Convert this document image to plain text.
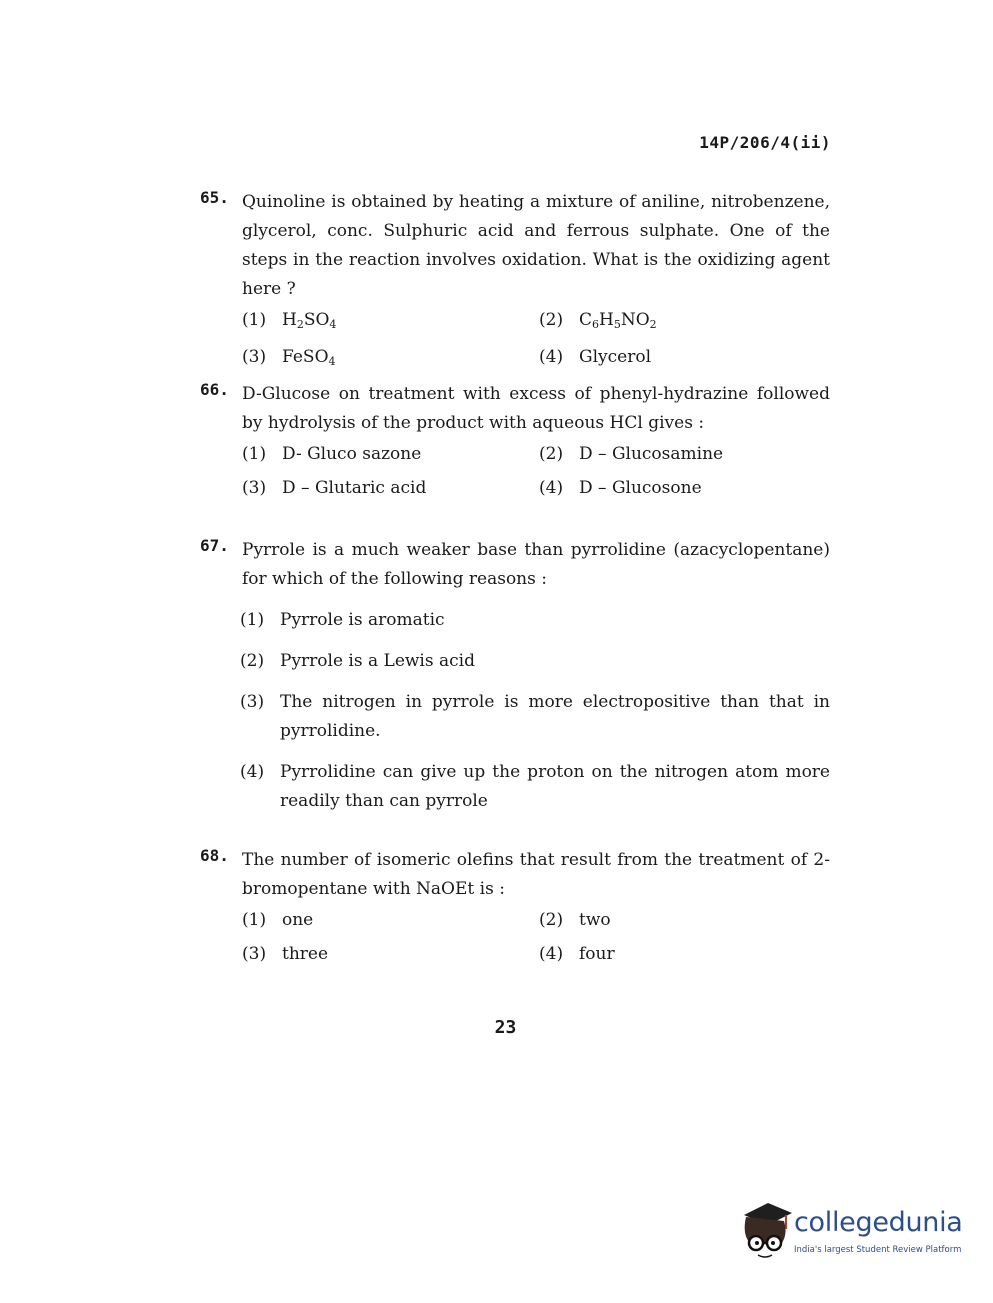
14P/206/4(ii)
65. Quinoline is obtained by heating a mixture of aniline, nitrobenzene, glycerol, conc. Sulphuric acid and ferrous sulphate. One of the steps in the reaction involves oxidation. What is the oxidizing agent here ?
(1) $H_2SO_4$	(2) $C_6H_5NO_2$
(3) FeSO$_4$	(4) Glycerol
66. D-Glucose on treatment with excess of phenyl-hydrazine followed by hydrolysis of the product with aqueous HCl gives :
(1) D- Gluco sazone	(2) D – Glucosamine
(3) D – Glutaric acid	(4) D – Glucosone
67. Pyrrole is a much weaker base than pyrrolidine (azacyclopentane) for which of the following reasons :
(1) Pyrrole is aromatic
(2) Pyrrole is a Lewis acid
(3) The nitrogen in pyrrole is more electropositive than that in pyrrolidine.
(4) Pyrrolidine can give up the proton on the nitrogen atom more readily than can pyrrole
68. The number of isomeric olefins that result from the treatment of 2- bromopentane with NaOEt is :
(1) one	(2) two
(3) three	(4) four
23
collegedunia
India's largest Student Review Platform
